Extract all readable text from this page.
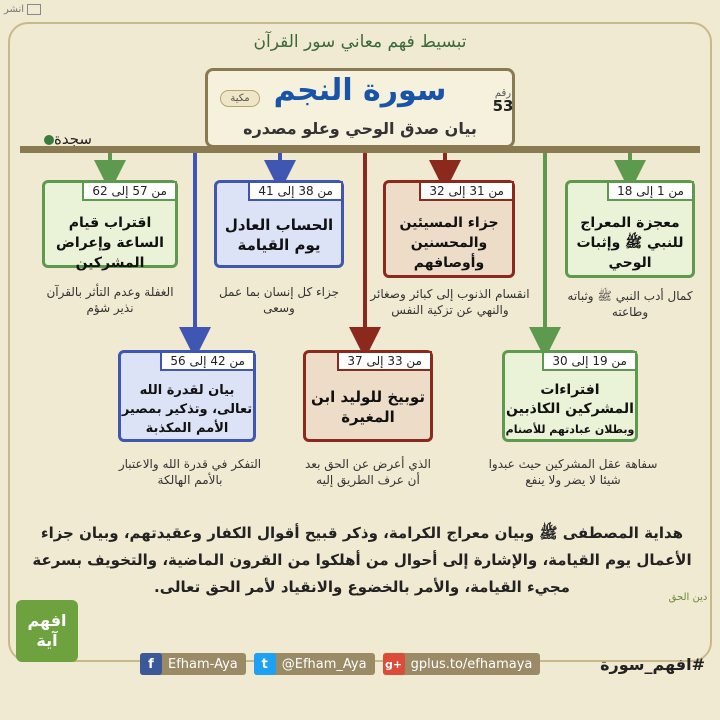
انشر
تبسيط فهم معاني سور القرآن
سورة النجم
بيان صدق الوحي وعلو مصدره
مكية	رقم
53
سجدة
من 1 إلى 18
معجزة المعراج للنبي ﷺ وإثبات الوحي
كمال أدب النبي ﷺ وثباته وطاعته
من 31 إلى 32
جزاء المسيئين والمحسنين وأوصافهم
انقسام الذنوب إلى كبائر وصغائر والنهي عن تزكية النفس
من 38 إلى 41
الحساب العادل يوم القيامة
جزاء كل إنسان بما عمل وسعى
من 57 إلى 62
اقتراب قيام الساعة وإعراض المشركين
الغفلة وعدم التأثر بالقرآن نذير شؤم
من 19 إلى 30
افتراءات المشركين الكاذبين
وبطلان عبادتهم للأصنام
سفاهة عقل المشركين حيث عبدوا شيئا لا يضر ولا ينفع
من 33 إلى 37
توبيخ للوليد ابن المغيرة
الذي أعرض عن الحق بعد أن عرف الطريق إليه
من 42 إلى 56
بيان لقدرة الله تعالى، وتذكير بمصير الأمم المكذبة
التفكر في قدرة الله والاعتبار بالأمم الهالكة
هداية المصطفى ﷺ وبيان معراج الكرامة، وذكر قبيح أقوال الكفار وعقيدتهم، وبيان جزاء الأعمال يوم القيامة، والإشارة إلى أحوال من أهلكوا من القرون الماضية، والتخويف بسرعة مجيء القيامة، والأمر بالخضوع والانقياد لأمر الحق تعالى.
افهم آية
دين الحق
f	Efham-Aya	t	@Efham_Aya g+ gplus.to/efhamaya	#افهم_سورة
